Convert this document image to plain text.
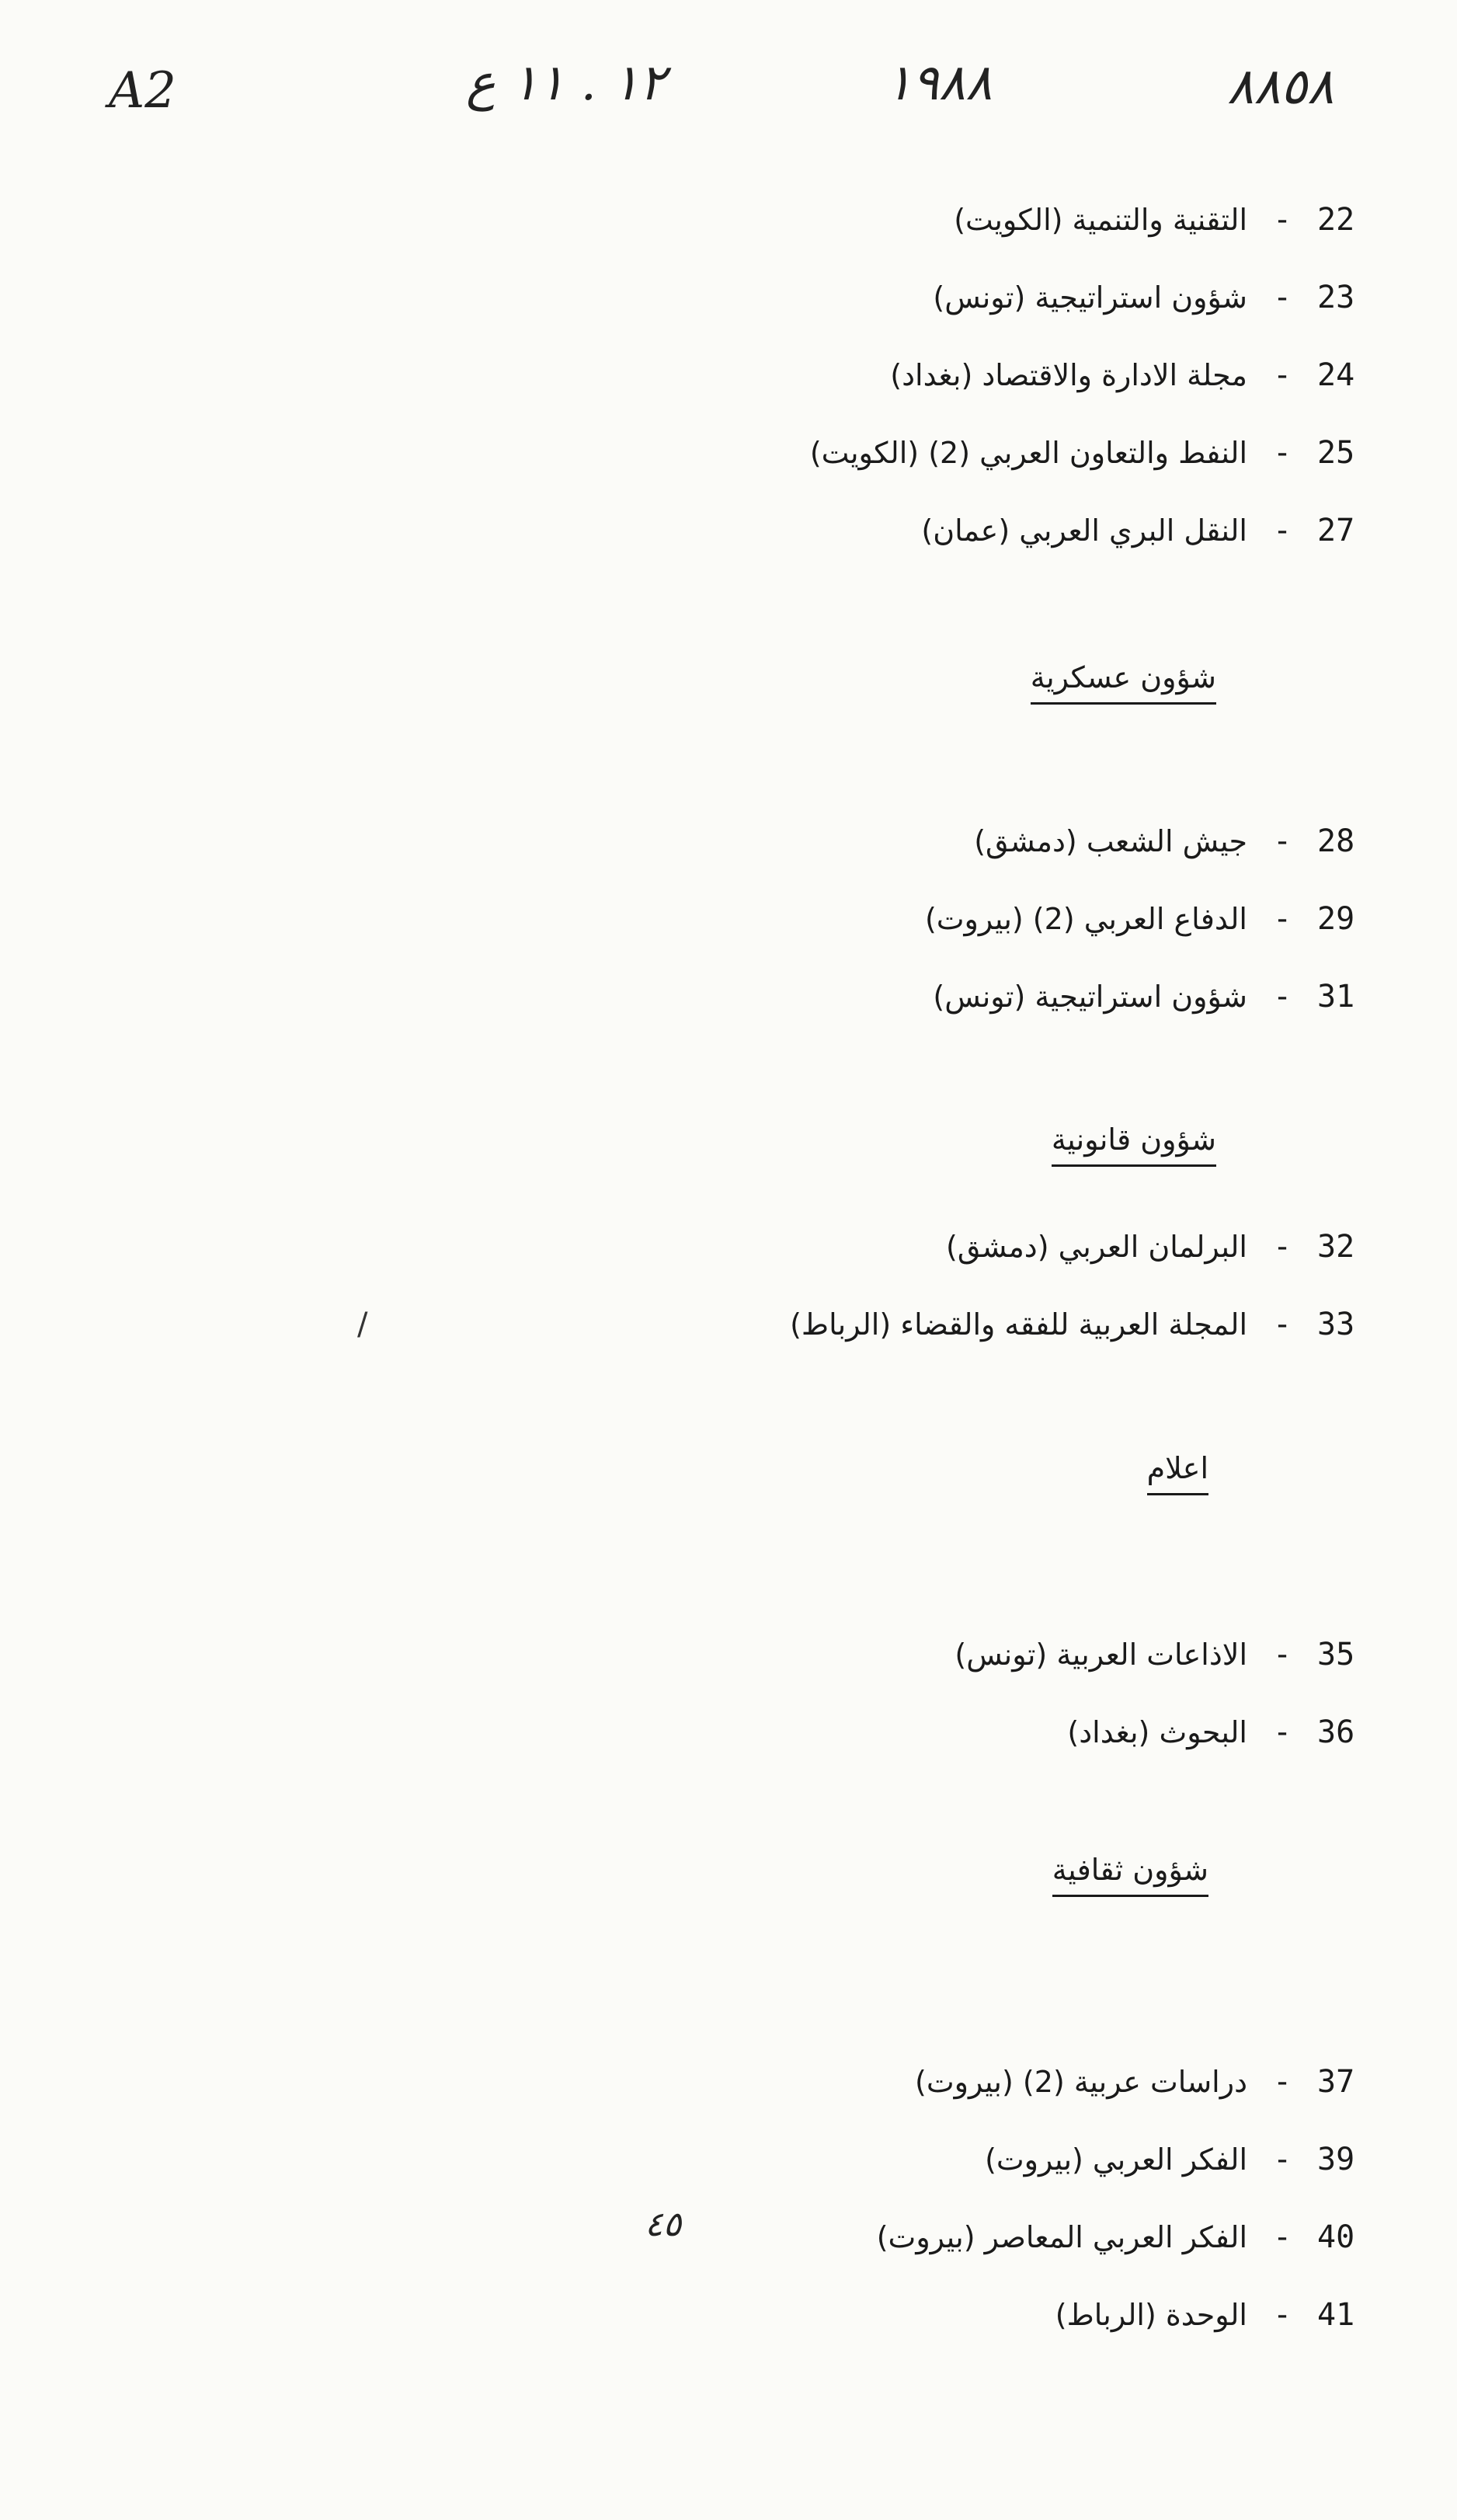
A2	١٢ . ١١ ع	١٩٨٨	٨٨٥٨
التقنية والتنمية (الكويت) - 22
شؤون استراتيجية (تونس) - 23
مجلة الادارة والاقتصاد (بغداد) - 24
النفط والتعاون العربي (2) (الكويت) - 25
النقل البري العربي (عمان) - 27
شؤون عسكرية
جيش الشعب (دمشق) - 28
الدفاع العربي (2) (بيروت) - 29
شؤون استراتيجية (تونس) - 31
شؤون قانونية
البرلمان العربي (دمشق) - 32
المجلة العربية للفقه والقضاء (الرباط) - 33
/
اعلام
الاذاعات العربية (تونس) - 35
البحوث (بغداد) - 36
شؤون ثقافية
دراسات عربية (2) (بيروت) - 37
الفكر العربي (بيروت) - 39
الفكر العربي المعاصر (بيروت) - 40
٤٥
الوحدة (الرباط) - 41
